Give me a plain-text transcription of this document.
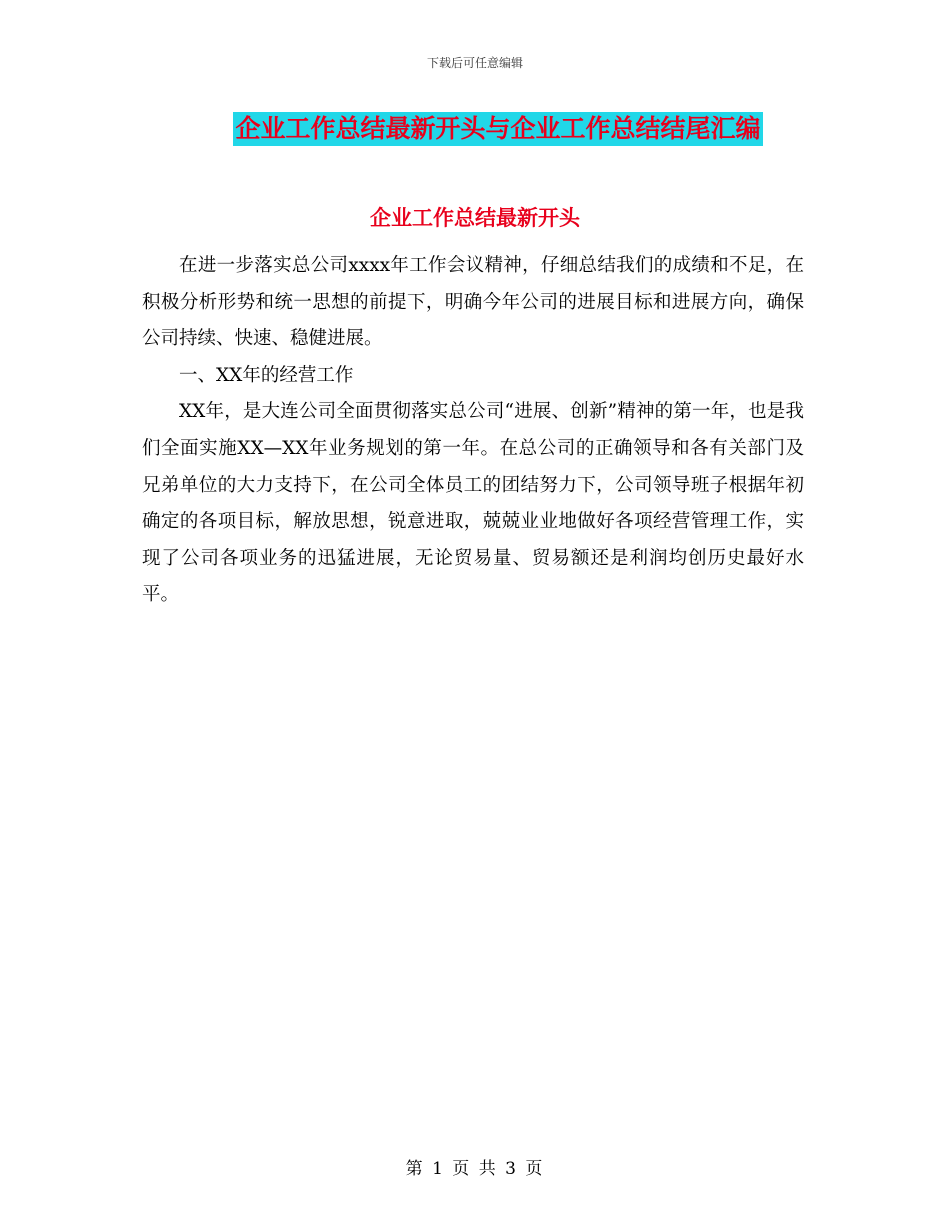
下载后可任意编辑
企业工作总结最新开头与企业工作总结结尾汇编
企业工作总结最新开头

在进一步落实总公司xxxx年工作会议精神，仔细总结我们的成绩和不足，在积极分析形势和统一思想的前提下，明确今年公司的进展目标和进展方向，确保公司持续、快速、稳健进展。

一、XX年的经营工作

XX年，是大连公司全面贯彻落实总公司“进展、创新”精神的第一年，也是我们全面实施XX—XX年业务规划的第一年。在总公司的正确领导和各有关部门及兄弟单位的大力支持下，在公司全体员工的团结努力下，公司领导班子根据年初确定的各项目标，解放思想，锐意进取，兢兢业业地做好各项经营管理工作，实现了公司各项业务的迅猛进展，无论贸易量、贸易额还是利润均创历史最好水平。

第 1 页 共 3 页
